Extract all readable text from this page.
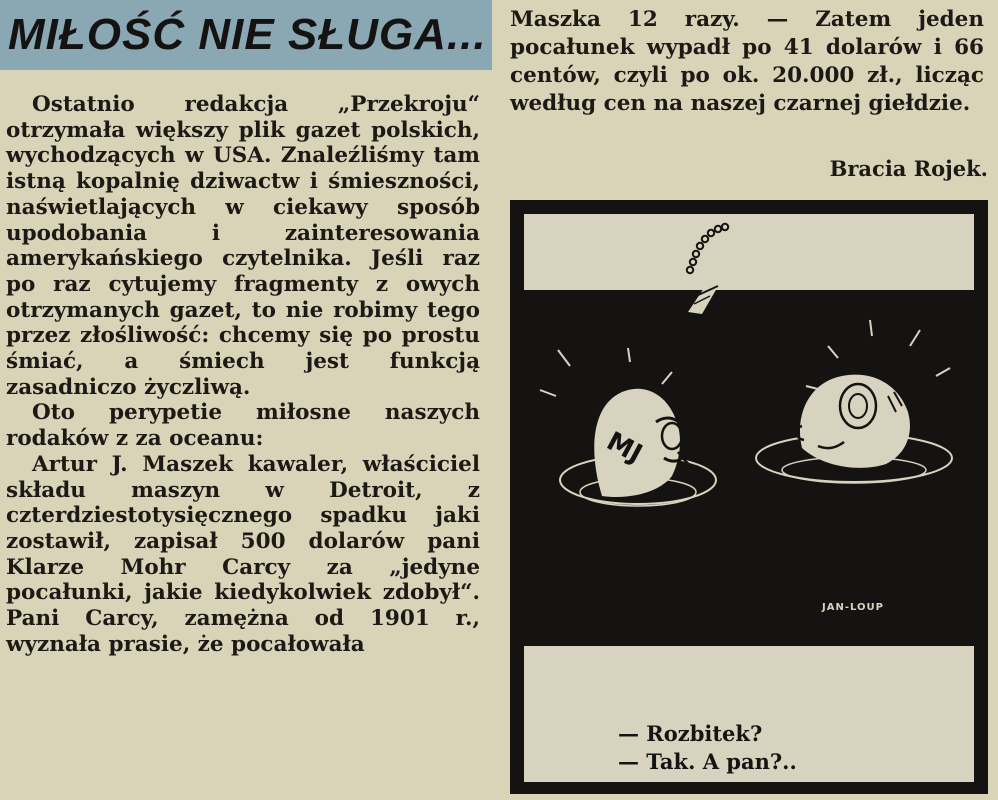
MIŁOŚĆ NIE SŁUGA...

Ostatnio redakcja „Przekroju“ otrzymała większy plik gazet polskich, wychodzących w USA. Znaleźliśmy tam istną kopalnię dziwactw i śmieszności, naświetlających w ciekawy sposób upodobania i zainteresowania amerykańskiego czytelnika. Jeśli raz po raz cytujemy fragmenty z owych otrzymanych gazet, to nie robimy tego przez złośliwość: chcemy się po prostu śmiać, a śmiech jest funkcją zasadniczo życzliwą.

Oto perypetie miłosne naszych rodaków z za oceanu:

Artur J. Maszek kawaler, właściciel składu maszyn w Detroit, z czterdziestotysięcznego spadku jaki zostawił, zapisał 500 dolarów pani Klarze Mohr Carcy za „jedyne pocałunki, jakie kiedykolwiek zdobył“. Pani Carcy, zamężna od 1901 r., wyznała prasie, że pocałowała

Maszka 12 razy. — Zatem jeden pocałunek wypadł po 41 dolarów i 66 centów, czyli po ok. 20.000 zł., licząc według cen na naszej czarnej giełdzie.

Bracia Rojek.
MJ
JAN-LOUP
— Rozbitek?
— Tak. A pan?..
